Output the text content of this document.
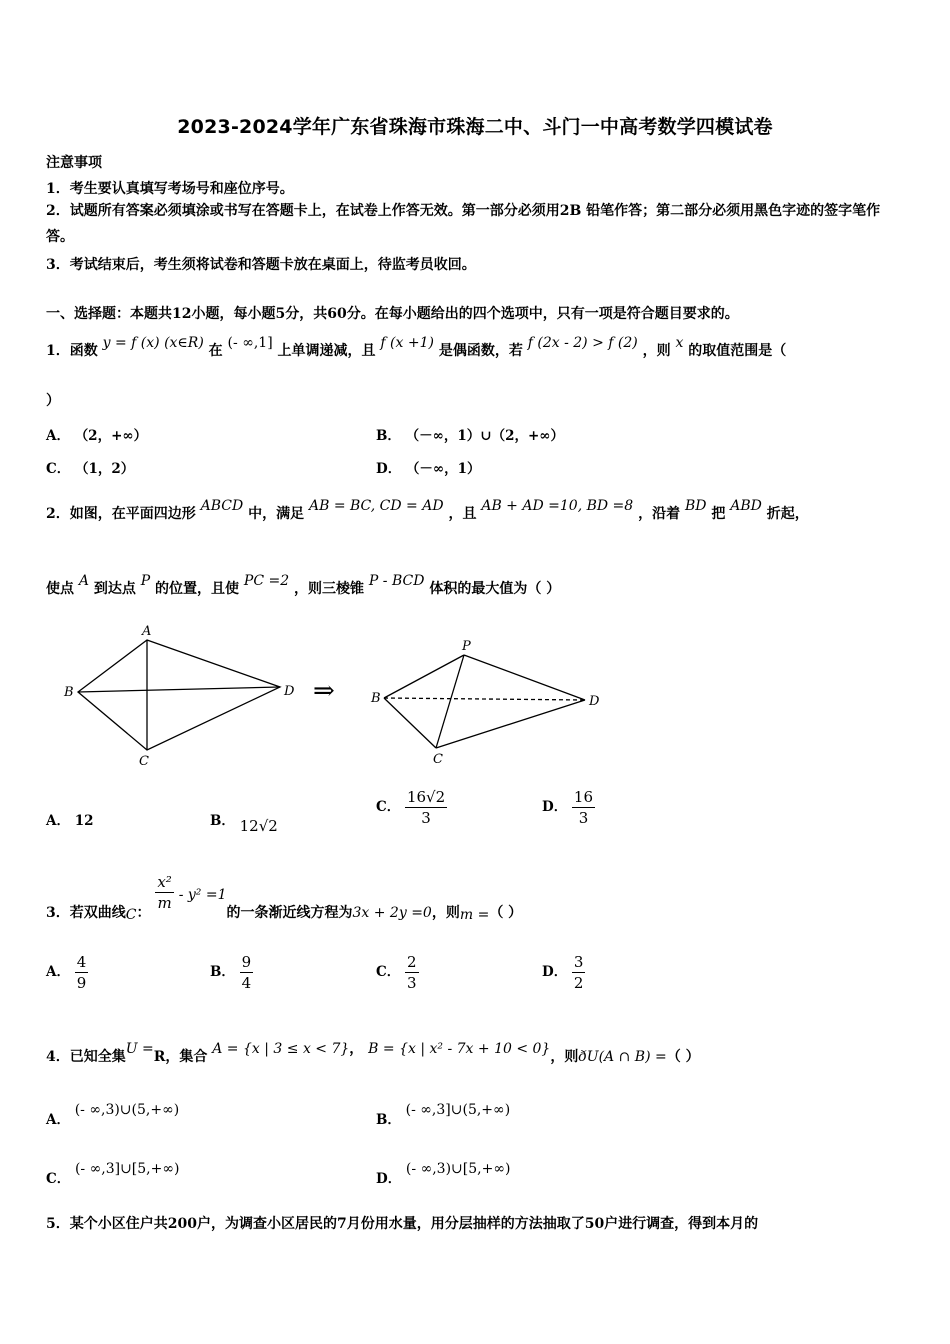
2023-2024学年广东省珠海市珠海二中、斗门一中高考数学四模试卷
注意事项
1．考生要认真填写考场号和座位序号。
2．试题所有答案必须填涂或书写在答题卡上，在试卷上作答无效。第一部分必须用2B 铅笔作答；第二部分必须用黑色字迹的签字笔作答。
3．考试结束后，考生须将试卷和答题卡放在桌面上，待监考员收回。
一、选择题：本题共12小题，每小题5分，共60分。在每小题给出的四个选项中，只有一项是符合题目要求的。
1．函数 y = f (x) (x∈R) 在 (- ∞,1] 上单调递减，且 f (x +1) 是偶函数，若 f (2x - 2) > f (2) ，则 x 的取值范围是（
）
A． （2，+∞）	B． （－∞，1）∪（2，+∞）
C． （1，2）	D． （－∞，1）
2．如图，在平面四边形 ABCD 中，满足 AB = BC, CD = AD ，且 AB + AD =10, BD =8 ，沿着 BD 把 ABD 折起，
使点 A 到达点 P 的位置，且使 PC =2 ，则三棱锥 P - BCD 体积的最大值为（ ）
A
B
C
D ⇒
P
B
C
D
A． 12	B． 12√2
C． $\frac{16√2}{3}$	D． $\frac{16}{3}$
3．若双曲线C： $\frac{\text{x²}}{m} - y^2 =1$的一条渐近线方程为3x + 2y =0，则m =（ ）
A． $\frac{4}{9}$	B． $\frac{9}{4}$	C． $\frac{2}{3}$	D． $\frac{3}{2}$
4．已知全集U =R，集合 A = {x | 3 ≤ x < 7}， B = {x | x² - 7x + 10 < 0}，则ðU(A ∩ B) =（ ）
A． (- ∞,3)∪(5,+∞)
B． (- ∞,3]∪(5,+∞)
C． (- ∞,3]∪[5,+∞)
D． (- ∞,3)∪[5,+∞)
5．某个小区住户共200户，为调查小区居民的7月份用水量，用分层抽样的方法抽取了50户进行调查，得到本月的
